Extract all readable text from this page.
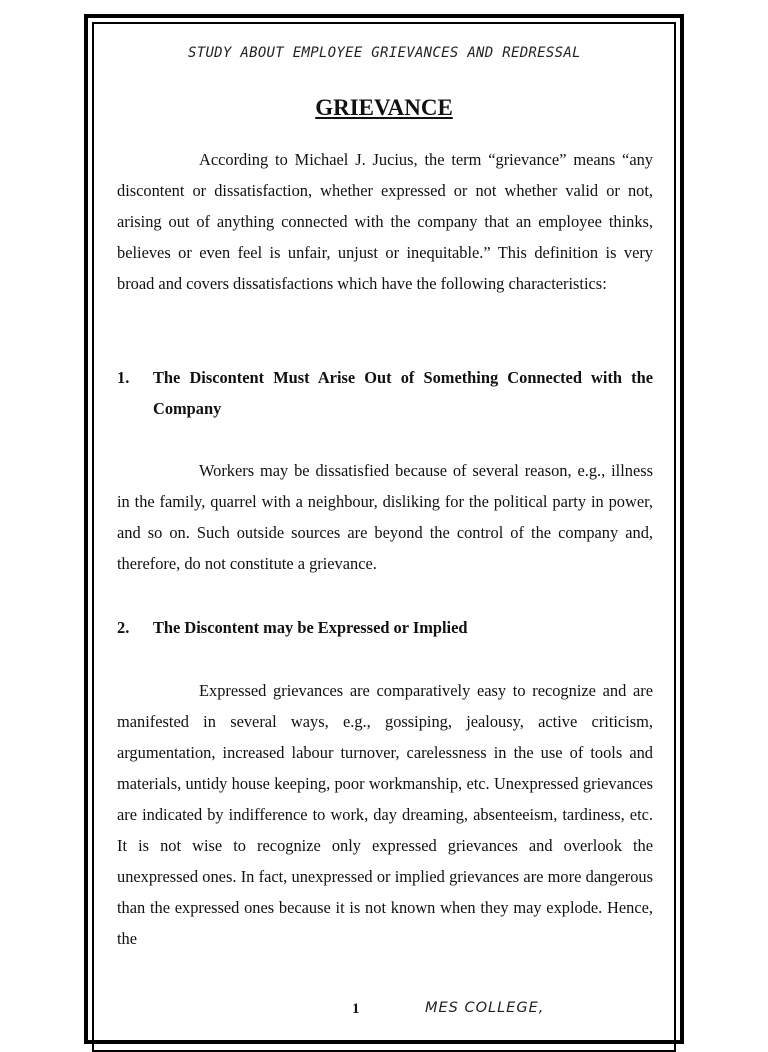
STUDY ABOUT EMPLOYEE GRIEVANCES AND REDRESSAL
GRIEVANCE

According to Michael J. Jucius, the term “grievance” means “any discontent or dissatisfaction, whether expressed or not whether valid or not, arising out of anything connected with the company that an employee thinks, believes or even feel is unfair, unjust or inequitable.” This definition is very broad and covers dissatisfactions which have the following characteristics:

1. The Discontent Must Arise Out of Something Connected with the Company

Workers may be dissatisfied because of several reason, e.g., illness in the family, quarrel with a neighbour, disliking for the political party in power, and so on. Such outside sources are beyond the control of the company and, therefore, do not constitute a grievance.

2. The Discontent may be Expressed or Implied

Expressed grievances are comparatively easy to recognize and are manifested in several ways, e.g., gossiping, jealousy, active criticism, argumentation, increased labour turnover, carelessness in the use of tools and materials, untidy house keeping, poor workmanship, etc. Unexpressed grievances are indicated by indifference to work, day dreaming, absenteeism, tardiness, etc. It is not wise to recognize only expressed grievances and overlook the unexpressed ones. In fact, unexpressed or implied grievances are more dangerous than the expressed ones because it is not known when they may explode. Hence, the

1	MES COLLEGE,
